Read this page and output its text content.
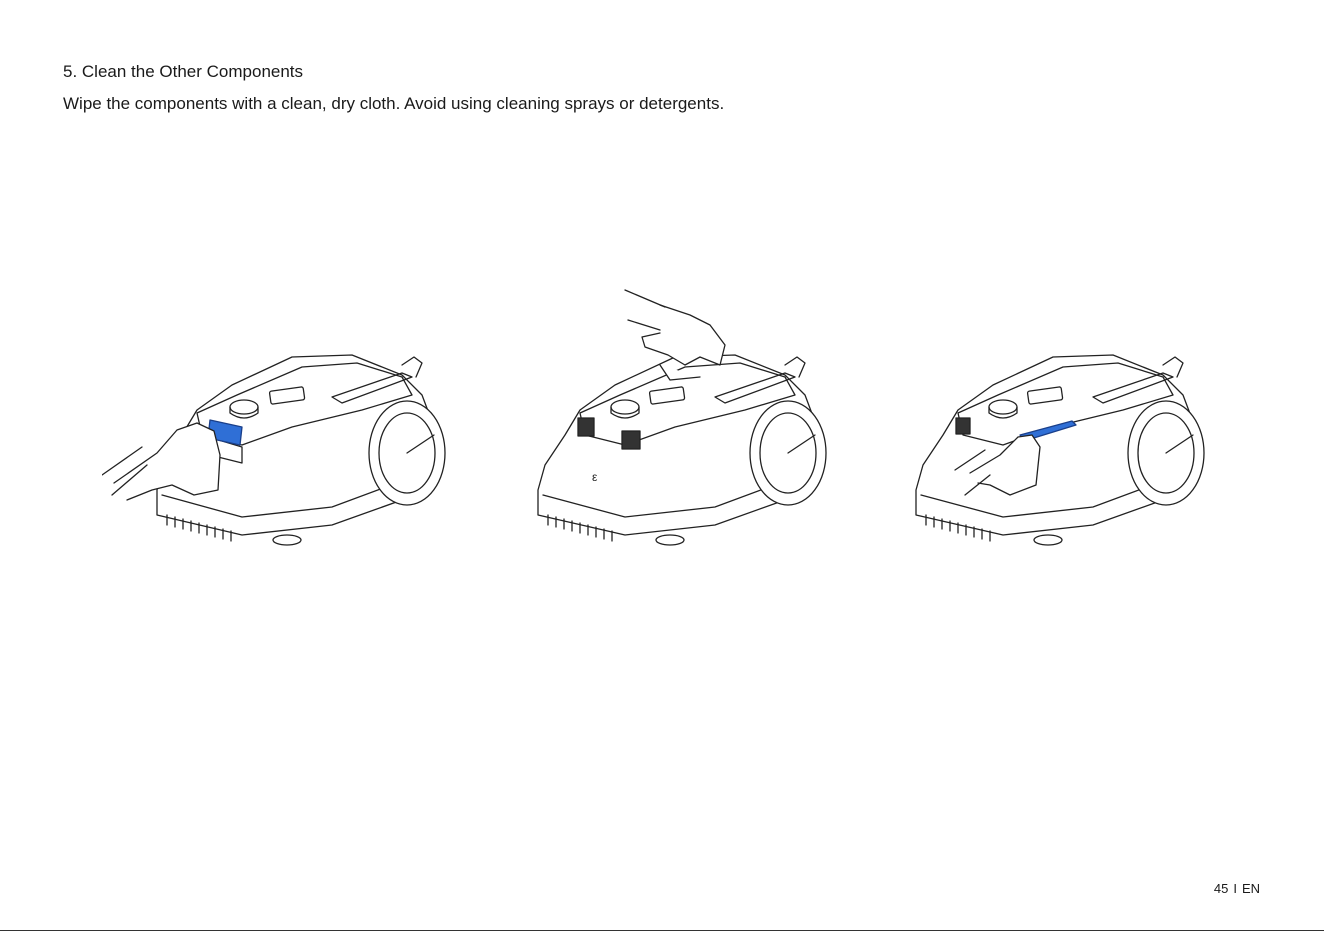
5. Clean the Other Components

Wipe the components with a clean, dry cloth. Avoid using cleaning sprays or detergents.

ε
45 I EN
